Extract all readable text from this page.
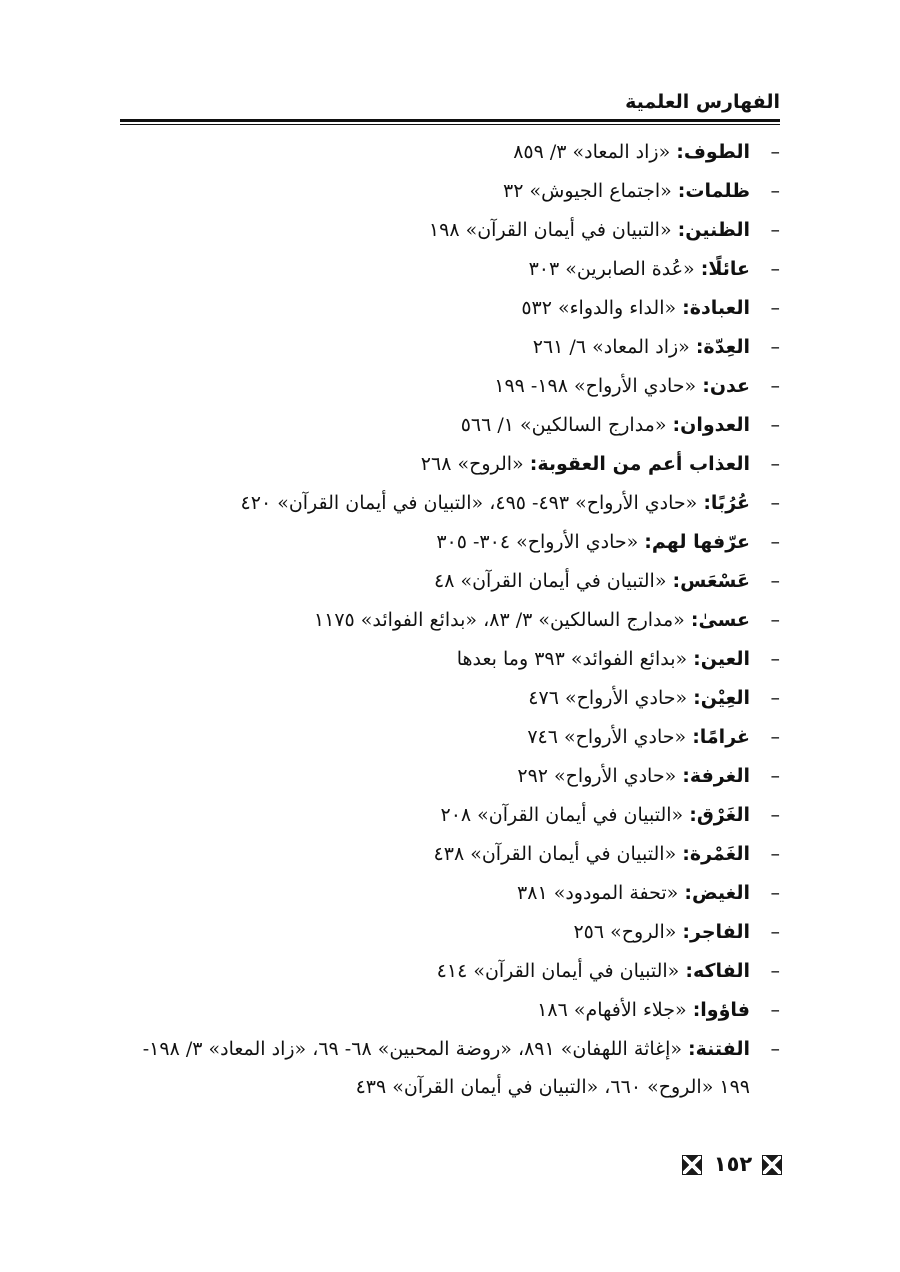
الفهارس العلمية
–
الطوف: «زاد المعاد» ٣/ ٨٥٩
–
ظلمات: «اجتماع الجيوش» ٣٢
–
الظنين: «التبيان في أيمان القرآن» ١٩٨
–
عائلًا: «عُدة الصابرين» ٣٠٣
–
العبادة: «الداء والدواء» ٥٣٢
–
العِدّة: «زاد المعاد» ٦/ ٢٦١
–
عدن: «حادي الأرواح» ١٩٨- ١٩٩
–
العدوان: «مدارج السالكين» ١/ ٥٦٦
–
العذاب أعم من العقوبة: «الروح» ٢٦٨
–
عُرُبًا: «حادي الأرواح» ٤٩٣- ٤٩٥، «التبيان في أيمان القرآن» ٤٢٠
–
عرّفها لهم: «حادي الأرواح» ٣٠٤- ٣٠٥
–
عَسْعَس: «التبيان في أيمان القرآن» ٤٨
–
عسىٰ: «مدارج السالكين» ٣/ ٨٣، «بدائع الفوائد» ١١٧٥
–
العين: «بدائع الفوائد» ٣٩٣ وما بعدها
–
العِيْن: «حادي الأرواح» ٤٧٦
–
غرامًا: «حادي الأرواح» ٧٤٦
–
الغرفة: «حادي الأرواح» ٢٩٢
–
الغَرْق: «التبيان في أيمان القرآن» ٢٠٨
–
الغَمْرة: «التبيان في أيمان القرآن» ٤٣٨
–
الغيض: «تحفة المودود» ٣٨١
–
الفاجر: «الروح» ٢٥٦
–
الفاكه: «التبيان في أيمان القرآن» ٤١٤
–
فاؤوا: «جلاء الأفهام» ١٨٦
–
الفتنة: «إغاثة اللهفان» ٨٩١، «روضة المحبين» ٦٨- ٦٩، «زاد المعاد» ٣/ ١٩٨- ١٩٩ «الروح» ٦٦٠، «التبيان في أيمان القرآن» ٤٣٩
١٥٢
